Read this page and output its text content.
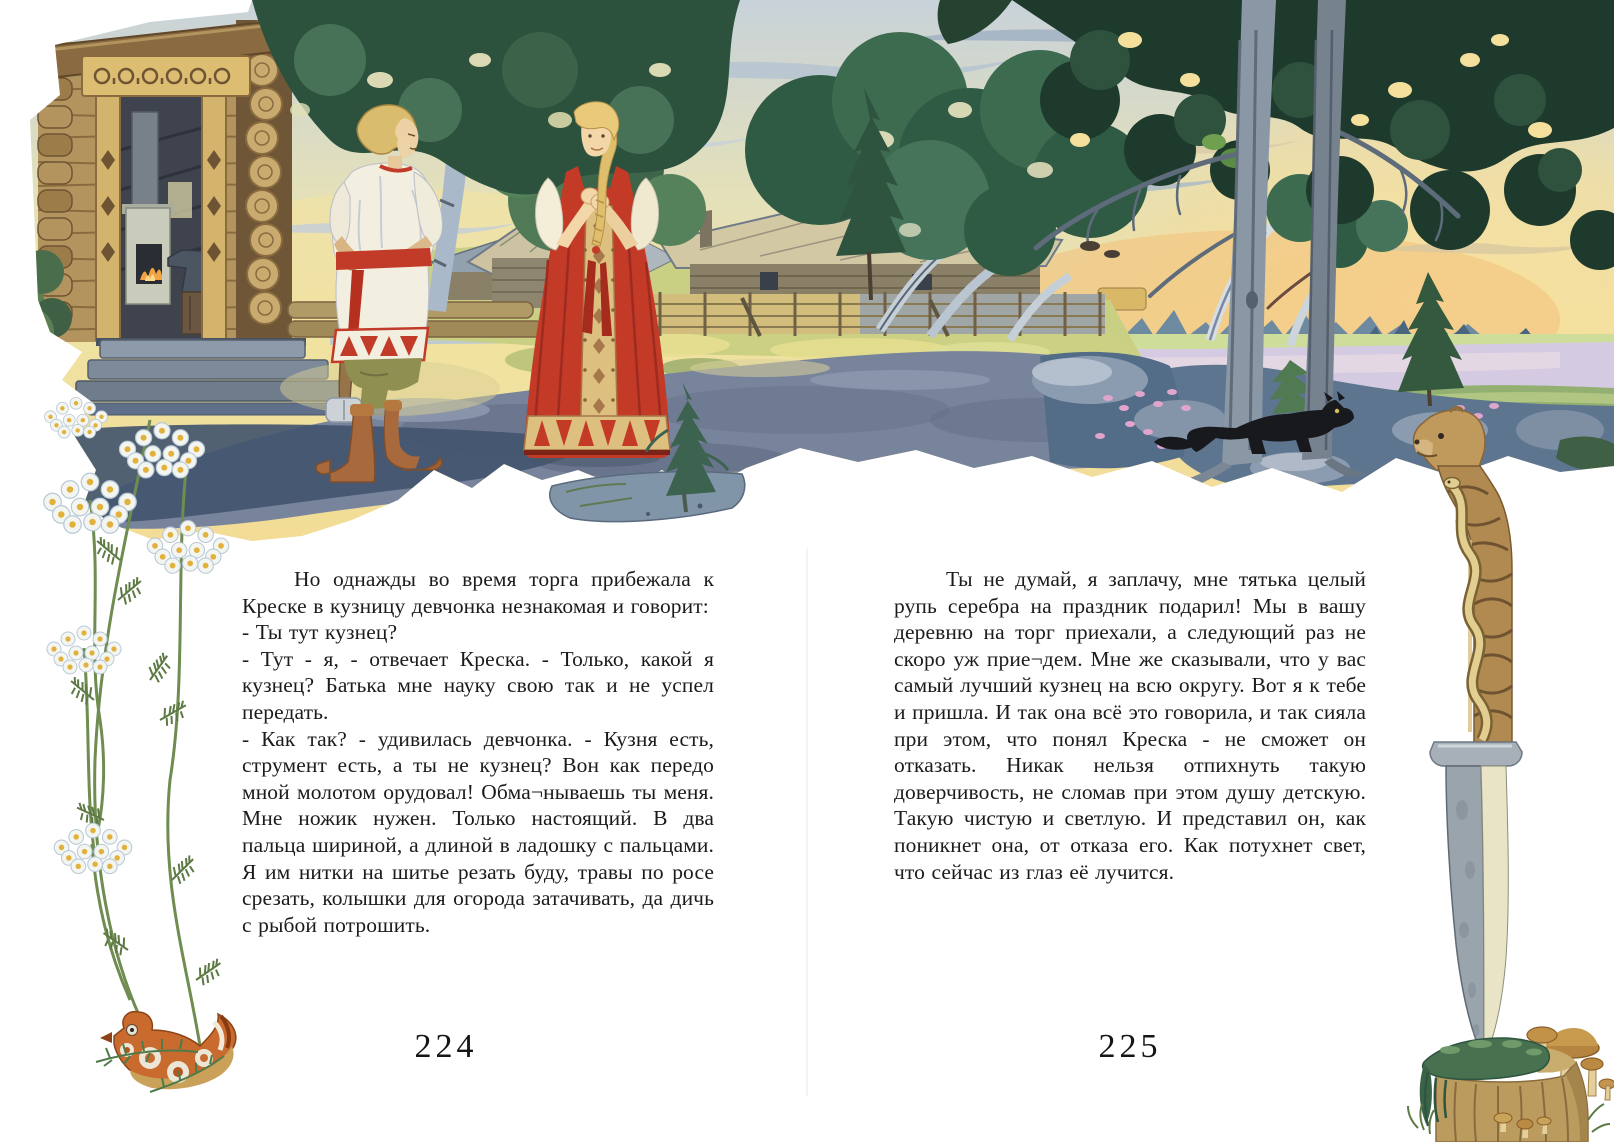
Но однажды во время торга прибежала к Креске в кузницу девчонка незнакомая и говорит:

- Ты тут кузнец?

- Тут - я, - отвечает Креска. - Только, какой я кузнец? Батька мне науку свою так и не успел передать.

- Как так? - удивилась девчонка. - Кузня есть, струмент есть, а ты не кузнец? Вон как передо мной молотом орудовал! Обма¬нываешь ты меня. Мне ножик нужен. Только настоящий. В два пальца шириной, а длиной в ладошку с пальцами. Я им нитки на шитье резать буду, травы по росе срезать, колышки для огорода затачивать, да дичь с рыбой потрошить.

Ты не думай, я заплачу, мне тятька целый рупь серебра на праздник подарил! Мы в вашу деревню на торг приехали, а следующий раз не скоро уж прие¬дем. Мне же сказывали, что у вас самый лучший кузнец на всю округу. Вот я к тебе и пришла. И так она всё это говорила, и так сияла при этом, что понял Креска - не сможет он отказать. Никак нельзя отпихнуть такую доверчивость, не сломав при этом душу детскую. Такую чистую и светлую. И представил он, как поникнет она, от отказа его. Как потухнет свет, что сейчас из глаз её лучится.

224	225
